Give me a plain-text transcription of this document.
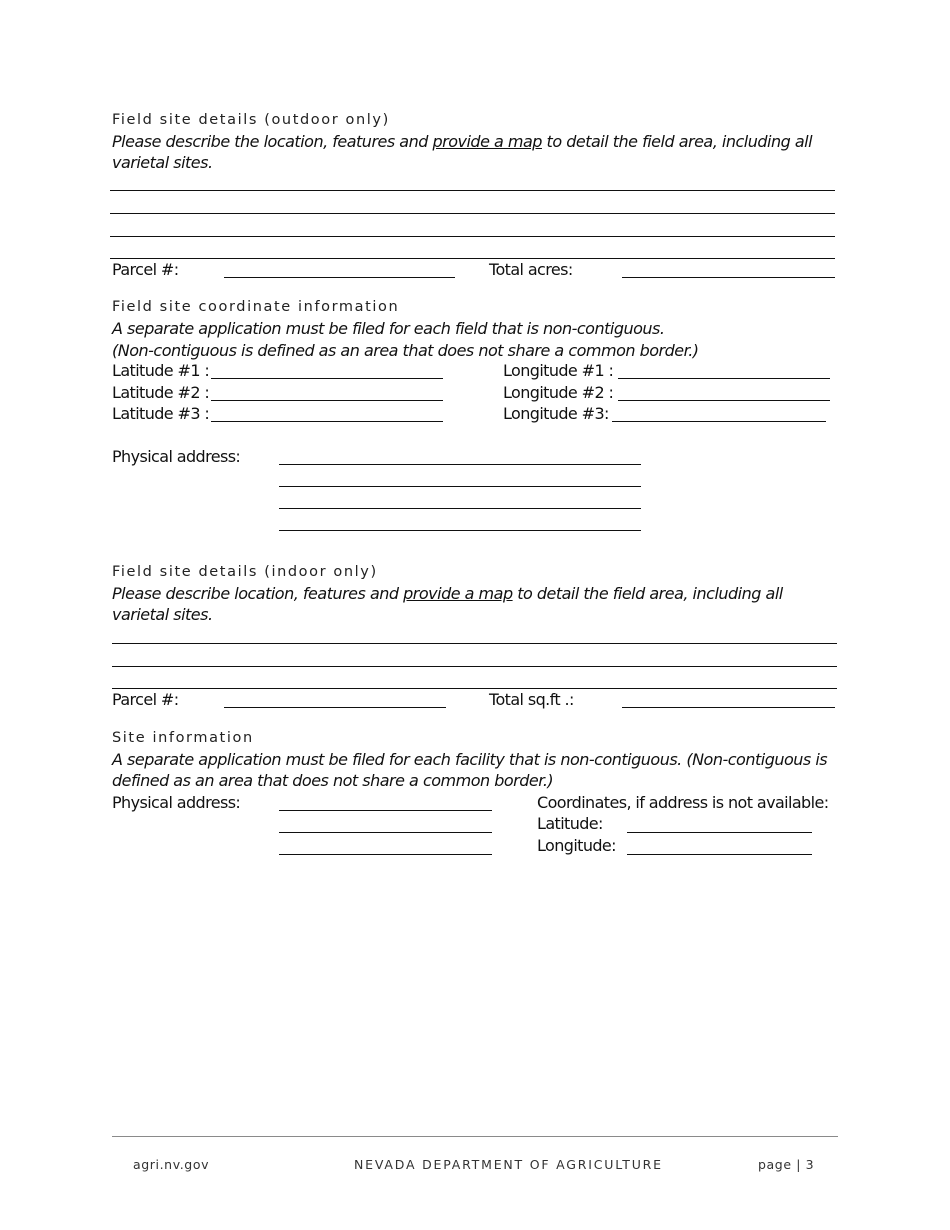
Field site details (outdoor only)
Please describe the location, features and provide a map to detail the field area, including all varietal sites.
Parcel #:	Total acres:
Field site coordinate information
A separate application must be filed for each field that is non-contiguous.
(Non-contiguous is defined as an area that does not share a common border.)
Latitude #1 :	Longitude #1 :
Latitude #2 :	Longitude #2 :
Latitude #3 :	Longitude #3:
Physical address:
Field site details (indoor only)
Please describe location, features and provide a map to detail the field area, including all varietal sites.
Parcel #:	Total sq.ft .:
Site information
A separate application must be filed for each facility that is non-contiguous. (Non-contiguous is defined as an area that does not share a common border.)
Physical address:	Coordinates, if address is not available:
Latitude:
Longitude:
agri.nv.gov	NEVADA DEPARTMENT OF AGRICULTURE	page | 3
